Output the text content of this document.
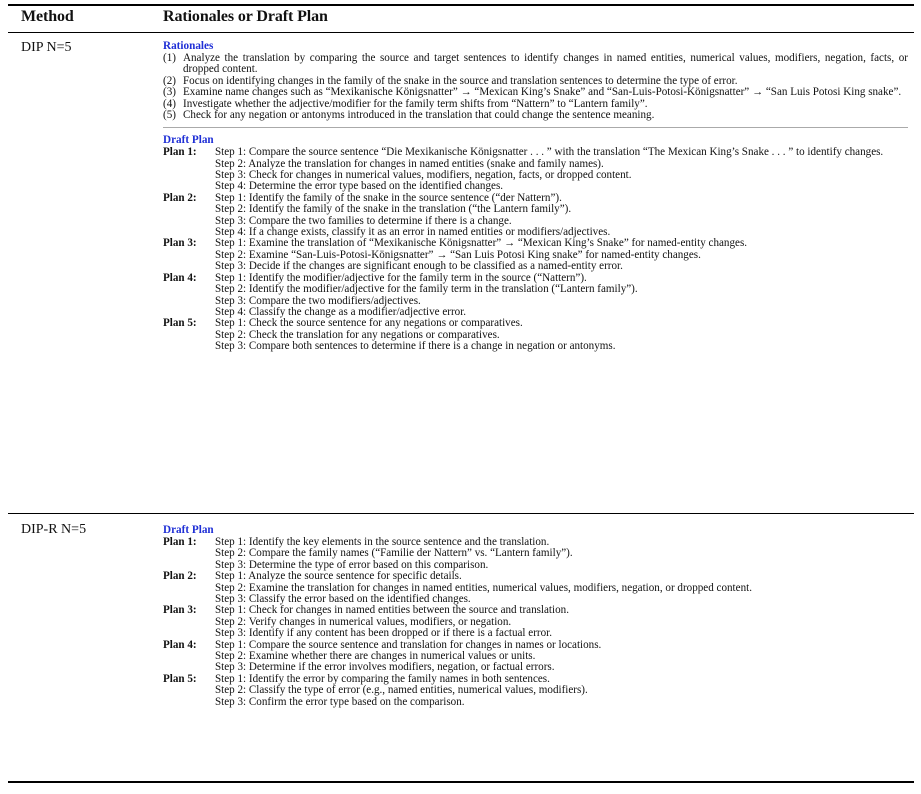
Method	Rationales or Draft Plan
DIP N=5	Rationales
(1) Analyze the translation by comparing the source and target sentences to identify changes in named entities, numerical values, modifiers, negation, facts, or dropped content.
(2) Focus on identifying changes in the family of the snake in the source and translation sentences to determine the type of error.
(3) Examine name changes such as “Mexikanische Königsnatter” → “Mexican King’s Snake” and “San-Luis-Potosi-Königsnatter” → “San Luis Potosi King snake”.
(4) Investigate whether the adjective/modifier for the family term shifts from “Nattern” to “Lantern family”.
(5) Check for any negation or antonyms introduced in the translation that could change the sentence meaning.
Draft Plan
Plan 1: Step 1: Compare the source sentence “Die Mexikanische Königsnatter . . . ” with the translation “The Mexican King’s Snake . . . ” to identify changes.
Step 2: Analyze the translation for changes in named entities (snake and family names).
Step 3: Check for changes in numerical values, modifiers, negation, facts, or dropped content.
Step 4: Determine the error type based on the identified changes.
Plan 2: Step 1: Identify the family of the snake in the source sentence (“der Nattern”).
Step 2: Identify the family of the snake in the translation (“the Lantern family”).
Step 3: Compare the two families to determine if there is a change.
Step 4: If a change exists, classify it as an error in named entities or modifiers/adjectives.
Plan 3: Step 1: Examine the translation of “Mexikanische Königsnatter” → “Mexican King’s Snake” for named-entity changes.
Step 2: Examine “San-Luis-Potosi-Königsnatter” → “San Luis Potosi King snake” for named-entity changes.
Step 3: Decide if the changes are significant enough to be classified as a named-entity error.
Plan 4: Step 1: Identify the modifier/adjective for the family term in the source (“Nattern”).
Step 2: Identify the modifier/adjective for the family term in the translation (“Lantern family”).
Step 3: Compare the two modifiers/adjectives.
Step 4: Classify the change as a modifier/adjective error.
Plan 5: Step 1: Check the source sentence for any negations or comparatives.
Step 2: Check the translation for any negations or comparatives.
Step 3: Compare both sentences to determine if there is a change in negation or antonyms.
DIP-R N=5	Draft Plan
Plan 1: Step 1: Identify the key elements in the source sentence and the translation.
Step 2: Compare the family names (“Familie der Nattern” vs. “Lantern family”).
Step 3: Determine the type of error based on this comparison.
Plan 2: Step 1: Analyze the source sentence for specific details.
Step 2: Examine the translation for changes in named entities, numerical values, modifiers, negation, or dropped content.
Step 3: Classify the error based on the identified changes.
Plan 3: Step 1: Check for changes in named entities between the source and translation.
Step 2: Verify changes in numerical values, modifiers, or negation.
Step 3: Identify if any content has been dropped or if there is a factual error.
Plan 4: Step 1: Compare the source sentence and translation for changes in names or locations.
Step 2: Examine whether there are changes in numerical values or units.
Step 3: Determine if the error involves modifiers, negation, or factual errors.
Plan 5: Step 1: Identify the error by comparing the family names in both sentences.
Step 2: Classify the type of error (e.g., named entities, numerical values, modifiers).
Step 3: Confirm the error type based on the comparison.
